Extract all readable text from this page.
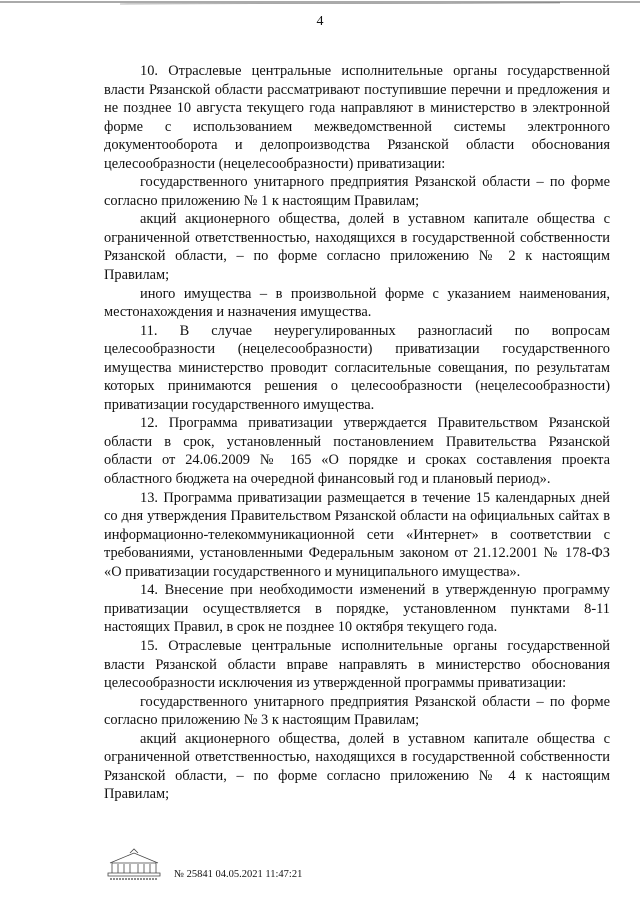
4

10. Отраслевые центральные исполнительные органы государственной власти Рязанской области рассматривают поступившие перечни и предложения и не позднее 10 августа текущего года направляют в министерство в электронной форме с использованием межведомственной системы электронного документооборота и делопроизводства Рязанской области обоснования целесообразности (нецелесообразности) приватизации:

государственного унитарного предприятия Рязанской области – по форме согласно приложению № 1 к настоящим Правилам;

акций акционерного общества, долей в уставном капитале общества с ограниченной ответственностью, находящихся в государственной собственности Рязанской области, – по форме согласно приложению № 2 к настоящим Правилам;

иного имущества – в произвольной форме с указанием наименования, местонахождения и назначения имущества.

11. В случае неурегулированных разногласий по вопросам целесообразности (нецелесообразности) приватизации государственного имущества министерство проводит согласительные совещания, по результатам которых принимаются решения о целесообразности (нецелесообразности) приватизации государственного имущества.

12. Программа приватизации утверждается Правительством Рязанской области в срок, установленный постановлением Правительства Рязанской области от 24.06.2009 № 165 «О порядке и сроках составления проекта областного бюджета на очередной финансовый год и плановый период».

13. Программа приватизации размещается в течение 15 календарных дней со дня утверждения Правительством Рязанской области на официальных сайтах в информационно-телекоммуникационной сети «Интернет» в соответствии с требованиями, установленными Федеральным законом от 21.12.2001 № 178-ФЗ «О приватизации государственного и муниципального имущества».

14. Внесение при необходимости изменений в утвержденную программу приватизации осуществляется в порядке, установленном пунктами 8-11 настоящих Правил, в срок не позднее 10 октября текущего года.

15. Отраслевые центральные исполнительные органы государственной власти Рязанской области вправе направлять в министерство обоснования целесообразности исключения из утвержденной программы приватизации:

государственного унитарного предприятия Рязанской области – по форме согласно приложению № 3 к настоящим Правилам;

акций акционерного общества, долей в уставном капитале общества с ограниченной ответственностью, находящихся в государственной собственности Рязанской области, – по форме согласно приложению № 4 к настоящим Правилам;

№ 25841 04.05.2021 11:47:21
